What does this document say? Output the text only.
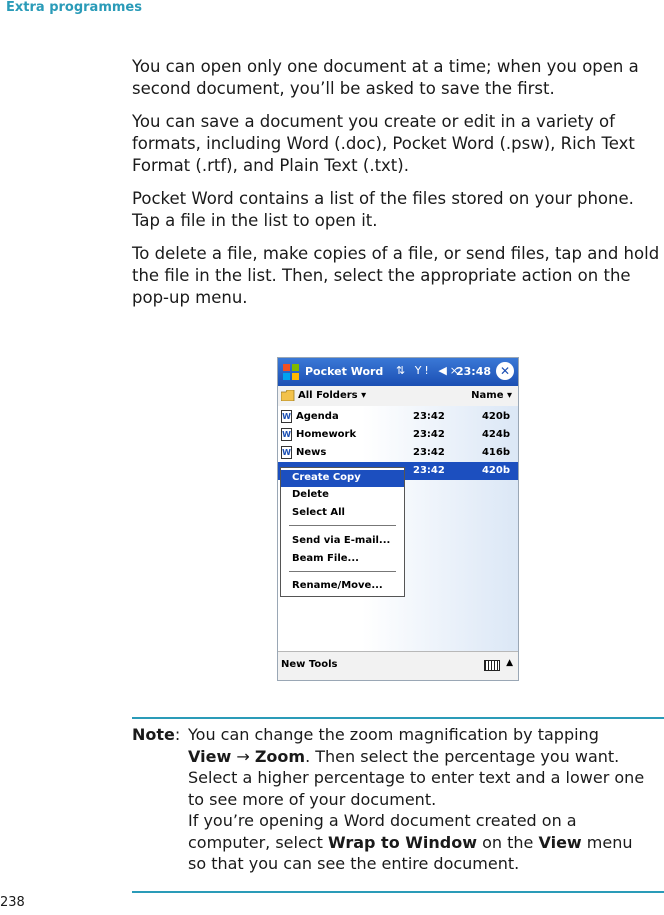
Extra programmes

You can open only one document at a time; when you open a second document, you’ll be asked to save the first.

You can save a document you create or edit in a variety of formats, including Word (.doc), Pocket Word (.psw), Rich Text Format (.rtf), and Plain Text (.txt).

Pocket Word contains a list of the files stored on your phone. Tap a file in the list to open it.

To delete a file, make copies of a file, or send files, tap and hold the file in the list. Then, select the appropriate action on the pop-up menu.

Pocket Word ⇅ Y! ◀×
23:48 ✕
All Folders ▾	Name ▾
W Agenda	23:42	420b
W Homework	23:42	424b
W News	23:42	416b
23:42	420b
Create Copy
Delete
Select All
Send via E-mail...
Beam File...
Rename/Move...
New Tools	▲
Note: You can change the zoom magnification by tapping
View → Zoom. Then select the percentage you want. Select a higher percentage to enter text and a lower one to see more of your document.

If you’re opening a Word document created on a computer, select Wrap to Window on the View menu so that you can see the entire document.

238
